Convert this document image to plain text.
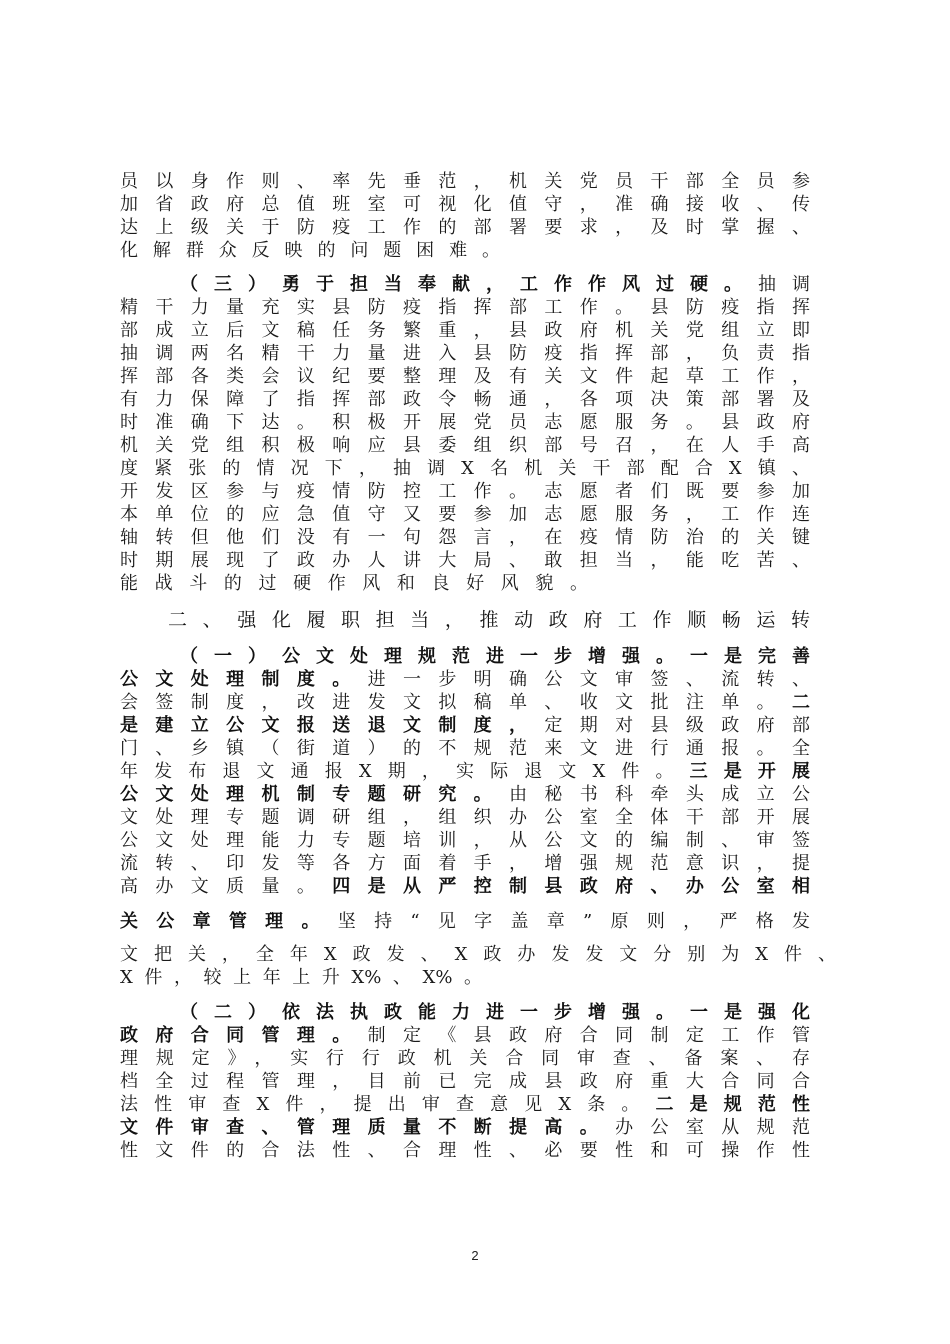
员以身作则、率先垂范，机关党员干部全员参
加省政府总值班室可视化值守，准确接收、传
达上级关于防疫工作的部署要求，及时掌握、
化解群众反映的问题困难。
（三）勇于担当奉献，工作作风过硬。抽调
精干力量充实县防疫指挥部工作。县防疫指挥
部成立后文稿任务繁重，县政府机关党组立即
抽调两名精干力量进入县防疫指挥部，负责指
挥部各类会议纪要整理及有关文件起草工作，
有力保障了指挥部政令畅通，各项决策部署及
时准确下达。积极开展党员志愿服务。县政府
机关党组积极响应县委组织部号召，在人手高
度紧张的情况下，抽调X名机关干部配合X镇、
开发区参与疫情防控工作。志愿者们既要参加
本单位的应急值守又要参加志愿服务，工作连
轴转但他们没有一句怨言，在疫情防治的关键
时期展现了政办人讲大局、敢担当，能吃苦、
能战斗的过硬作风和良好风貌。
二、强化履职担当，推动政府工作顺畅运转
（一）公文处理规范进一步增强。一是完善
公文处理制度。进一步明确公文审签、流转、
会签制度，改进发文拟稿单、收文批注单。二
是建立公文报送退文制度，定期对县级政府部
门、乡镇（街道）的不规范来文进行通报。全
年发布退文通报X期，实际退文X件。三是开展
公文处理机制专题研究。由秘书科牵头成立公
文处理专题调研组，组织办公室全体干部开展
公文处理能力专题培训，从公文的编制、审签
流转、印发等各方面着手，增强规范意识，提
高办文质量。四是从严控制县政府、办公室相
关公章管理。坚持“见字盖章”原则，严格发
文把关，全年X政发、X政办发发文分别为X件、
X件，较上年上升X%、X%。
（二）依法执政能力进一步增强。一是强化
政府合同管理。制定《县政府合同制定工作管
理规定》，实行行政机关合同审查、备案、存
档全过程管理，目前已完成县政府重大合同合
法性审查X件，提出审查意见X条。二是规范性
文件审查、管理质量不断提高。办公室从规范
性文件的合法性、合理性、必要性和可操作性
2
